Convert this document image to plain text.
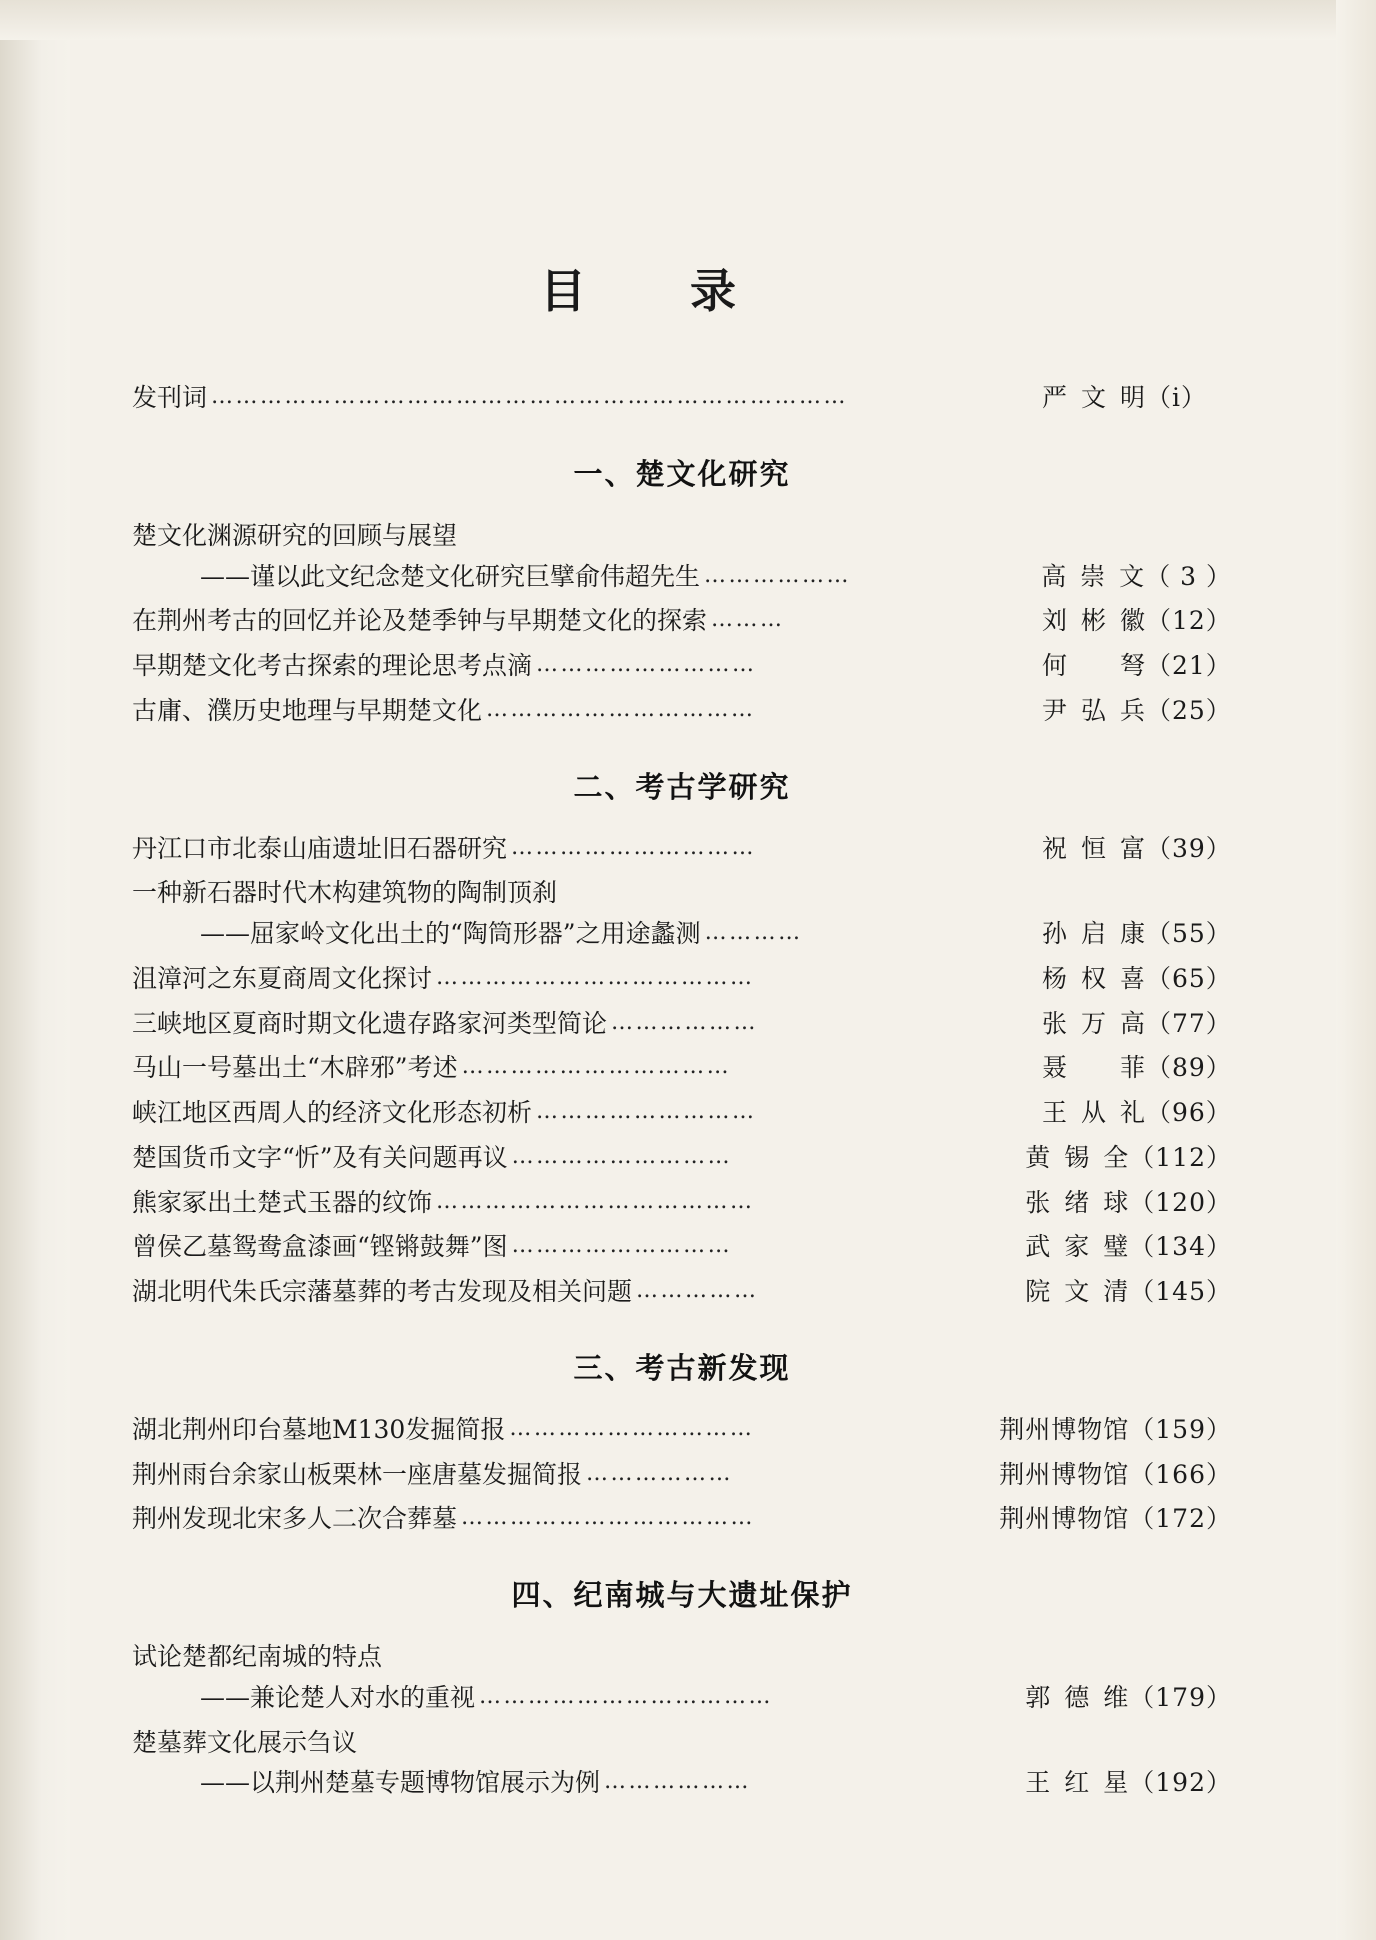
目 录
发刊词 ……………………………………………………………………	严文明（ⅰ）
一、楚文化研究
楚文化渊源研究的回顾与展望
——谨以此文纪念楚文化研究巨擘俞伟超先生 ………………	高崇文（ 3 ）
在荆州考古的回忆并论及楚季钟与早期楚文化的探索 ………	刘彬徽（12）
早期楚文化考古探索的理论思考点滴 ………………………	何　弩（21）
古庸、濮历史地理与早期楚文化 ……………………………	尹弘兵（25）
二、考古学研究
丹江口市北泰山庙遗址旧石器研究 …………………………	祝恒富（39）
一种新石器时代木构建筑物的陶制顶刹
——屈家岭文化出土的“陶筒形器”之用途蠡测 …………	孙启康（55）
沮漳河之东夏商周文化探讨 …………………………………	杨权喜（65）
三峡地区夏商时期文化遗存路家河类型简论 ………………	张万高（77）
马山一号墓出土“木辟邪”考述 ……………………………	聂　菲（89）
峡江地区西周人的经济文化形态初析 ………………………	王从礼（96）
楚国货币文字“忻”及有关问题再议 ………………………	黄锡全（112）
熊家冢出土楚式玉器的纹饰 …………………………………	张绪球（120）
曾侯乙墓鸳鸯盒漆画“铿锵鼓舞”图 ………………………	武家璧（134）
湖北明代朱氏宗藩墓葬的考古发现及相关问题 ……………	院文清（145）
三、考古新发现
湖北荆州印台墓地M130发掘简报 …………………………	荆州博物馆（159）
荆州雨台余家山板栗林一座唐墓发掘简报 ………………	荆州博物馆（166）
荆州发现北宋多人二次合葬墓 ………………………………	荆州博物馆（172）
四、纪南城与大遗址保护
试论楚都纪南城的特点
——兼论楚人对水的重视 ………………………………	郭德维（179）
楚墓葬文化展示刍议
——以荆州楚墓专题博物馆展示为例 ………………	王红星（192）
